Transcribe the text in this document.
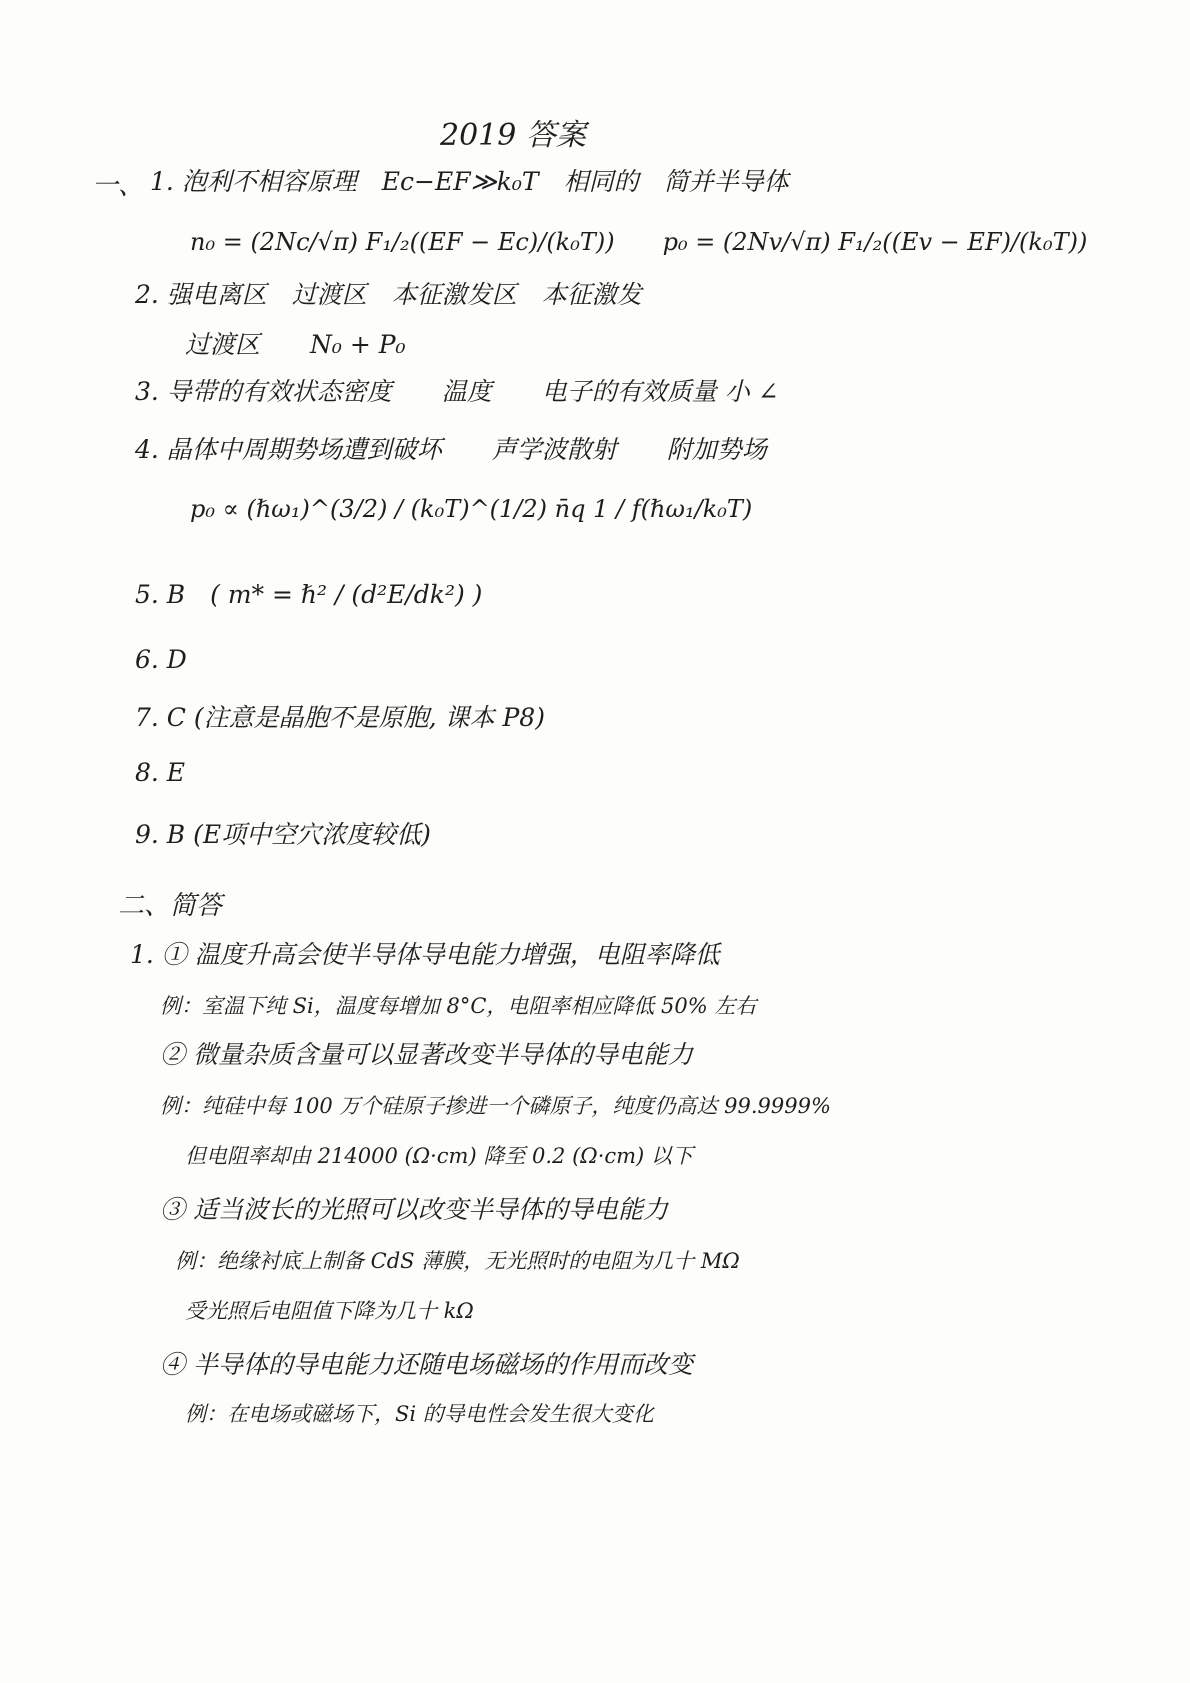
2019 答案
一、 1. 泡利不相容原理　Ec−EF≫k₀T　相同的　简并半导体
n₀ = (2Nc/√π) F₁/₂((EF − Ec)/(k₀T))　　p₀ = (2Nv/√π) F₁/₂((Ev − EF)/(k₀T))
2. 强电离区　过渡区　本征激发区　本征激发
过渡区　　N₀ + P₀
3. 导带的有效状态密度　　温度　　电子的有效质量 小 ∠
4. 晶体中周期势场遭到破坏　　声学波散射　　附加势场
p₀ ∝ (ℏω₁)^(3/2) / (k₀T)^(1/2) n̄q 1 / f(ℏω₁/k₀T)
5. B　( m* = ℏ² / (d²E/dk²) )
6. D
7. C (注意是晶胞不是原胞, 课本 P8)
8. E
9. B (E项中空穴浓度较低)
二、简答
1. ① 温度升高会使半导体导电能力增强，电阻率降低
例：室温下纯 Si，温度每增加 8°C，电阻率相应降低 50% 左右
② 微量杂质含量可以显著改变半导体的导电能力
例：纯硅中每 100 万个硅原子掺进一个磷原子，纯度仍高达 99.9999%
但电阻率却由 214000 (Ω·cm) 降至 0.2 (Ω·cm) 以下
③ 适当波长的光照可以改变半导体的导电能力
例：绝缘衬底上制备 CdS 薄膜，无光照时的电阻为几十 MΩ
受光照后电阻值下降为几十 kΩ
④ 半导体的导电能力还随电场磁场的作用而改变
例：在电场或磁场下，Si 的导电性会发生很大变化
